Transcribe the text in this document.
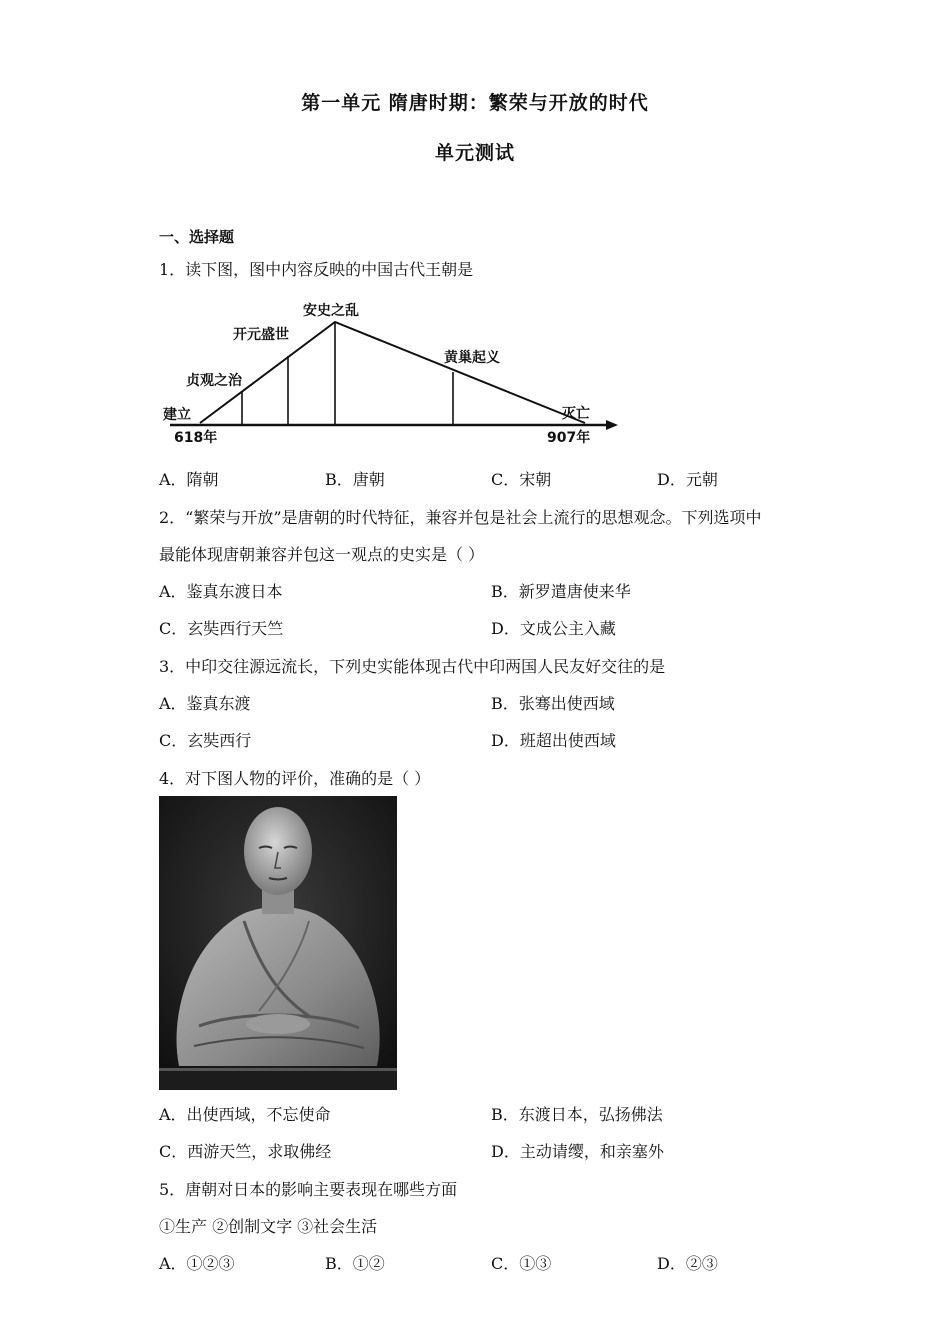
第一单元 隋唐时期：繁荣与开放的时代
单元测试
一、选择题
1．读下图，图中内容反映的中国古代王朝是
建立
618年
贞观之治
开元盛世
安史之乱
黄巢起义
灭亡
907年
A．隋朝	B．唐朝	C．宋朝	D．元朝
2．“繁荣与开放”是唐朝的时代特征，兼容并包是社会上流行的思想观念。下列选项中
最能体现唐朝兼容并包这一观点的史实是（ ）
A．鉴真东渡日本	B．新罗遣唐使来华
C．玄奘西行天竺	D．文成公主入藏
3．中印交往源远流长，下列史实能体现古代中印两国人民友好交往的是
A．鉴真东渡	B．张骞出使西域
C．玄奘西行	D．班超出使西域
4．对下图人物的评价，准确的是（ ）
A．出使西域，不忘使命	B．东渡日本，弘扬佛法
C．西游天竺，求取佛经	D．主动请缨，和亲塞外
5．唐朝对日本的影响主要表现在哪些方面
①生产 ②创制文字 ③社会生活
A．①②③	B．①②	C．①③	D．②③
